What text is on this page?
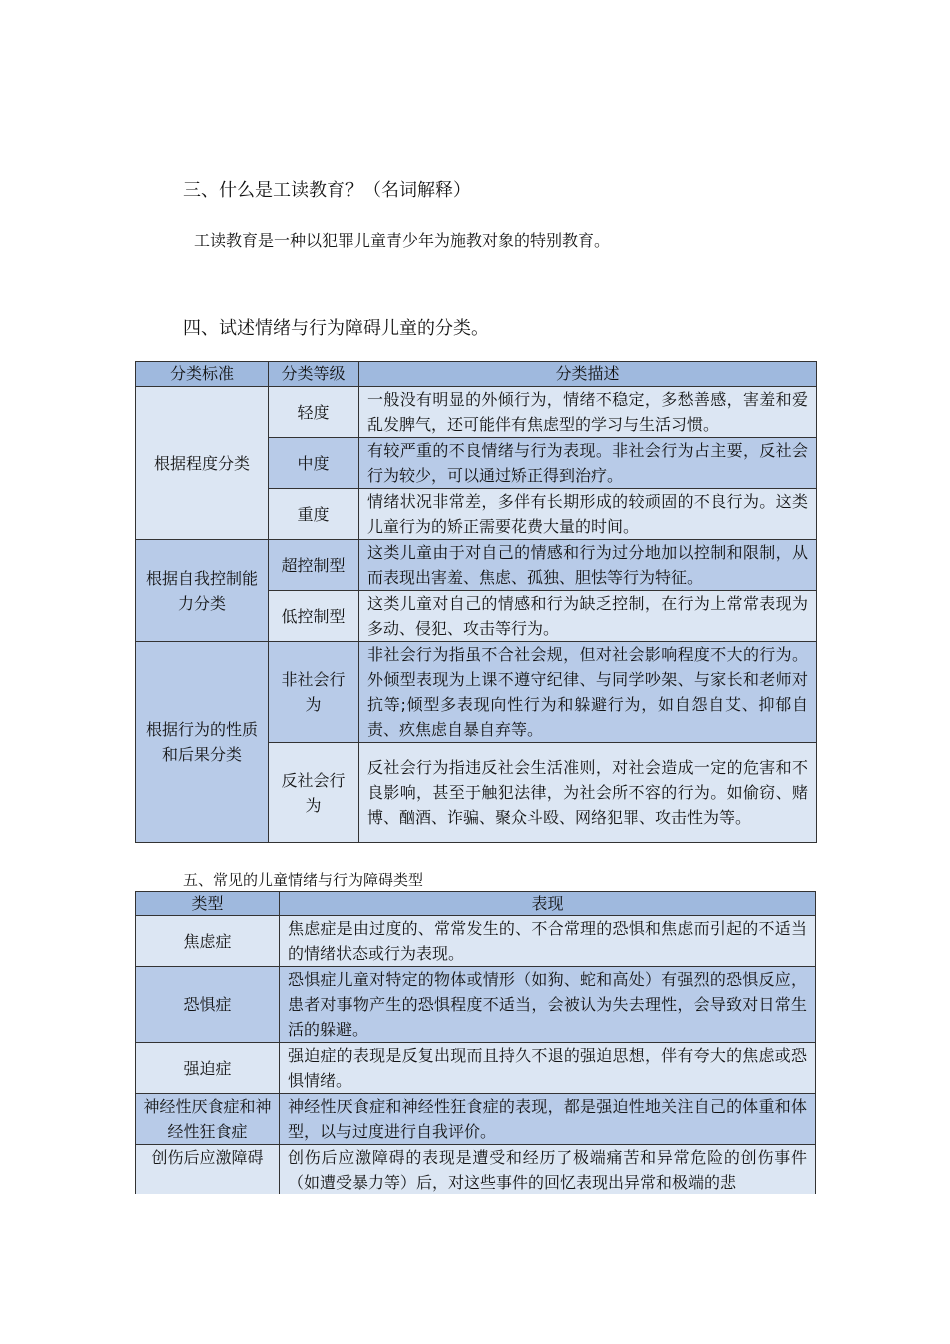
三、什么是工读教育？（名词解释）

工读教育是一种以犯罪儿童青少年为施教对象的特别教育。

四、试述情绪与行为障碍儿童的分类。
分类标准	分类等级	分类描述
根据程度分类	轻度	一般没有明显的外倾行为，情绪不稳定，多愁善感，害羞和爱乱发脾气，还可能伴有焦虑型的学习与生活习惯。
	中度	有较严重的不良情绪与行为表现。非社会行为占主要，反社会行为较少，可以通过矫正得到治疗。
	重度	情绪状况非常差，多伴有长期形成的较顽固的不良行为。这类儿童行为的矫正需要花费大量的时间。
根据自我控制能力分类	超控制型	这类儿童由于对自己的情感和行为过分地加以控制和限制，从而表现出害羞、焦虑、孤独、胆怯等行为特征。
	低控制型	这类儿童对自己的情感和行为缺乏控制，在行为上常常表现为多动、侵犯、攻击等行为。
根据行为的性质和后果分类	非社会行为	非社会行为指虽不合社会规，但对社会影响程度不大的行为。外倾型表现为上课不遵守纪律、与同学吵架、与家长和老师对抗等;倾型多表现向性行为和躲避行为，如自怨自艾、抑郁自责、疚焦虑自暴自弃等。
	反社会行为	反社会行为指违反社会生活准则，对社会造成一定的危害和不良影响，甚至于触犯法律，为社会所不容的行为。如偷窃、赌博、酗酒、诈骗、聚众斗殴、网络犯罪、攻击性为等。
五、常见的儿童情绪与行为障碍类型
类型	表现
焦虑症	焦虑症是由过度的、常常发生的、不合常理的恐惧和焦虑而引起的不适当的情绪状态或行为表现。
恐惧症	恐惧症儿童对特定的物体或情形（如狗、蛇和高处）有强烈的恐惧反应，患者对事物产生的恐惧程度不适当，会被认为失去理性，会导致对日常生活的躲避。
强迫症	强迫症的表现是反复出现而且持久不退的强迫思想，伴有夸大的焦虑或恐惧情绪。
神经性厌食症和神经性狂食症	神经性厌食症和神经性狂食症的表现，都是强迫性地关注自己的体重和体型，以与过度进行自我评价。
创伤后应激障碍	创伤后应激障碍的表现是遭受和经历了极端痛苦和异常危险的创伤事件（如遭受暴力等）后，对这些事件的回忆表现出异常和极端的悲
